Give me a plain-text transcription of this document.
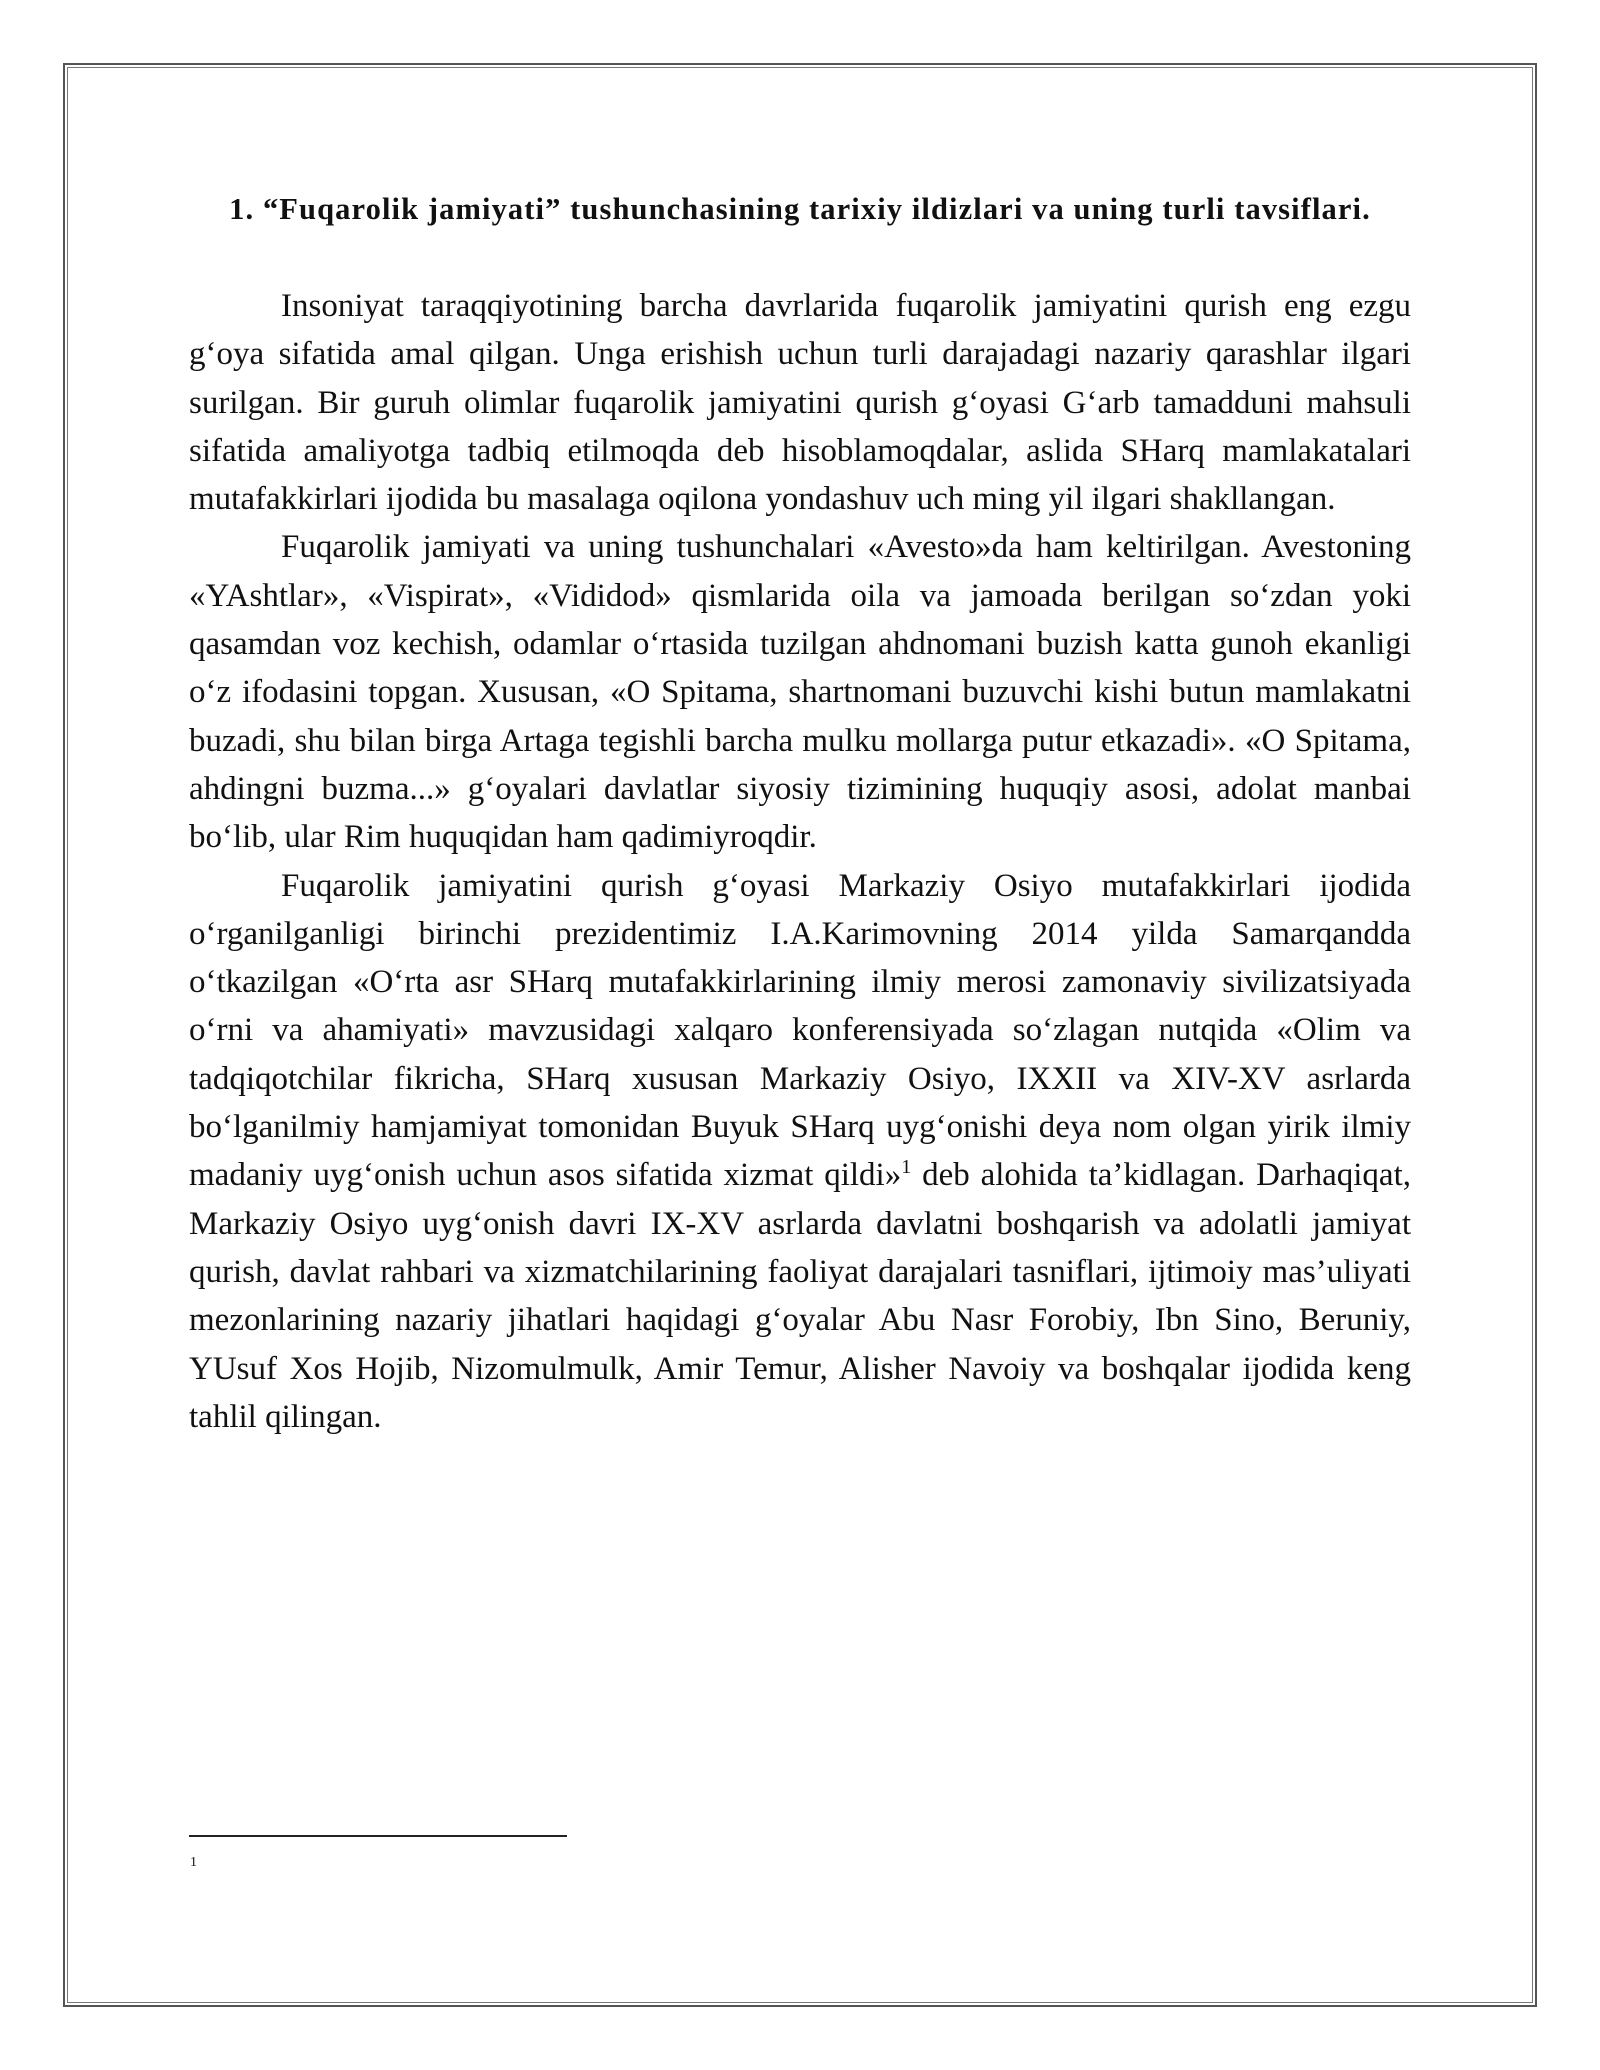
1. “Fuqarolik jamiyati” tushunchasining tarixiy ildizlari va uning turli tavsiflari.

Insoniyat taraqqiyotining barcha davrlarida fuqarolik jamiyatini qurish eng ezgu g‘oya sifatida amal qilgan. Unga erishish uchun turli darajadagi nazariy qarashlar ilgari surilgan. Bir guruh olimlar fuqarolik jamiyatini qurish g‘oyasi G‘arb tamadduni mahsuli sifatida amaliyotga tadbiq etilmoqda deb hisoblamoqdalar, aslida SHarq mamlakatalari mutafakkirlari ijodida bu masalaga oqilona yondashuv uch ming yil ilgari shakllangan.

Fuqarolik jamiyati va uning tushunchalari «Avesto»da ham keltirilgan. Avestoning «YAshtlar», «Vispirat», «Vididod» qismlarida oila va jamoada berilgan so‘zdan yoki qasamdan voz kechish, odamlar o‘rtasida tuzilgan ahdnomani buzish katta gunoh ekanligi o‘z ifodasini topgan. Xususan, «O Spitama, shartnomani buzuvchi kishi butun mamlakatni buzadi, shu bilan birga Artaga tegishli barcha mulku mollarga putur etkazadi». «O Spitama, ahdingni buzma...» g‘oyalari davlatlar siyosiy tizimining huquqiy asosi, adolat manbai bo‘lib, ular Rim huquqidan ham qadimiyroqdir.

Fuqarolik jamiyatini qurish g‘oyasi Markaziy Osiyo mutafakkirlari ijodida o‘rganilganligi birinchi prezidentimiz I.A.Karimovning 2014 yilda Samarqandda o‘tkazilgan «O‘rta asr SHarq mutafakkirlarining ilmiy merosi zamonaviy sivilizatsiyada o‘rni va ahamiyati» mavzusidagi xalqaro konferensiyada so‘zlagan nutqida «Olim va tadqiqotchilar fikricha, SHarq xususan Markaziy Osiyo, IXXII va XIV-XV asrlarda bo‘lganilmiy hamjamiyat tomonidan Buyuk SHarq uyg‘onishi deya nom olgan yirik ilmiy madaniy uyg‘onish uchun asos sifatida xizmat qildi»$^1$ deb alohida ta’kidlagan. Darhaqiqat, Markaziy Osiyo uyg‘onish davri IX-XV asrlarda davlatni boshqarish va adolatli jamiyat qurish, davlat rahbari va xizmatchilarining faoliyat darajalari tasniflari, ijtimoiy mas’uliyati mezonlarining nazariy jihatlari haqidagi g‘oyalar Abu Nasr Forobiy, Ibn Sino, Beruniy, YUsuf Xos Hojib, Nizomulmulk, Amir Temur, Alisher Navoiy va boshqalar ijodida keng tahlil qilingan.

1
